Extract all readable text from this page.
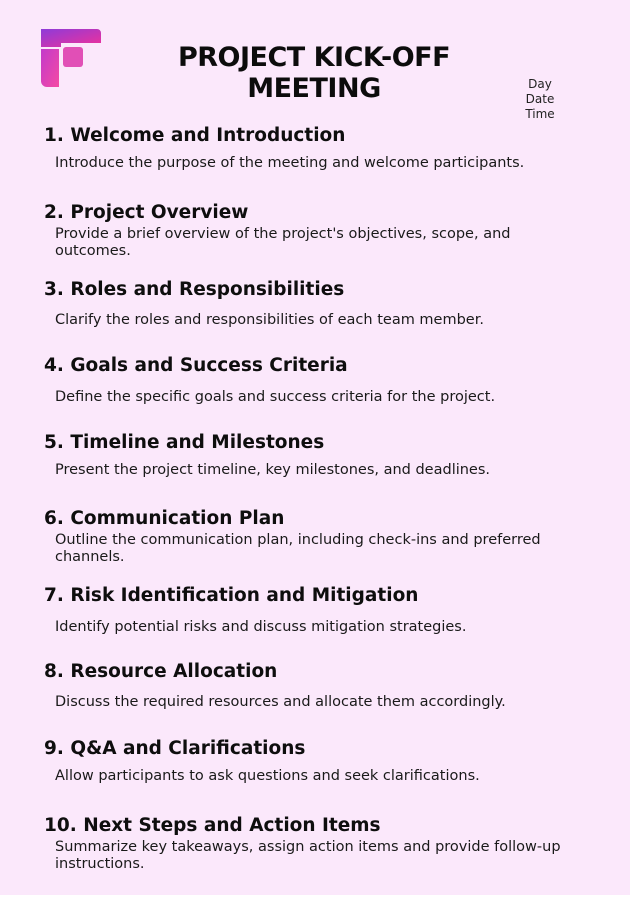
PROJECT KICK-OFF
MEETING	Day
Date
Time
1. Welcome and Introduction

Introduce the purpose of the meeting and welcome participants.

2. Project Overview

Provide a brief overview of the project's objectives, scope, and outcomes.

3. Roles and Responsibilities

Clarify the roles and responsibilities of each team member.

4. Goals and Success Criteria

Define the specific goals and success criteria for the project.

5. Timeline and Milestones

Present the project timeline, key milestones, and deadlines.

6. Communication Plan

Outline the communication plan, including check-ins and preferred channels.

7. Risk Identification and Mitigation

Identify potential risks and discuss mitigation strategies.

8. Resource Allocation

Discuss the required resources and allocate them accordingly.

9. Q&A and Clarifications

Allow participants to ask questions and seek clarifications.

10. Next Steps and Action Items

Summarize key takeaways, assign action items and provide follow-up instructions.
